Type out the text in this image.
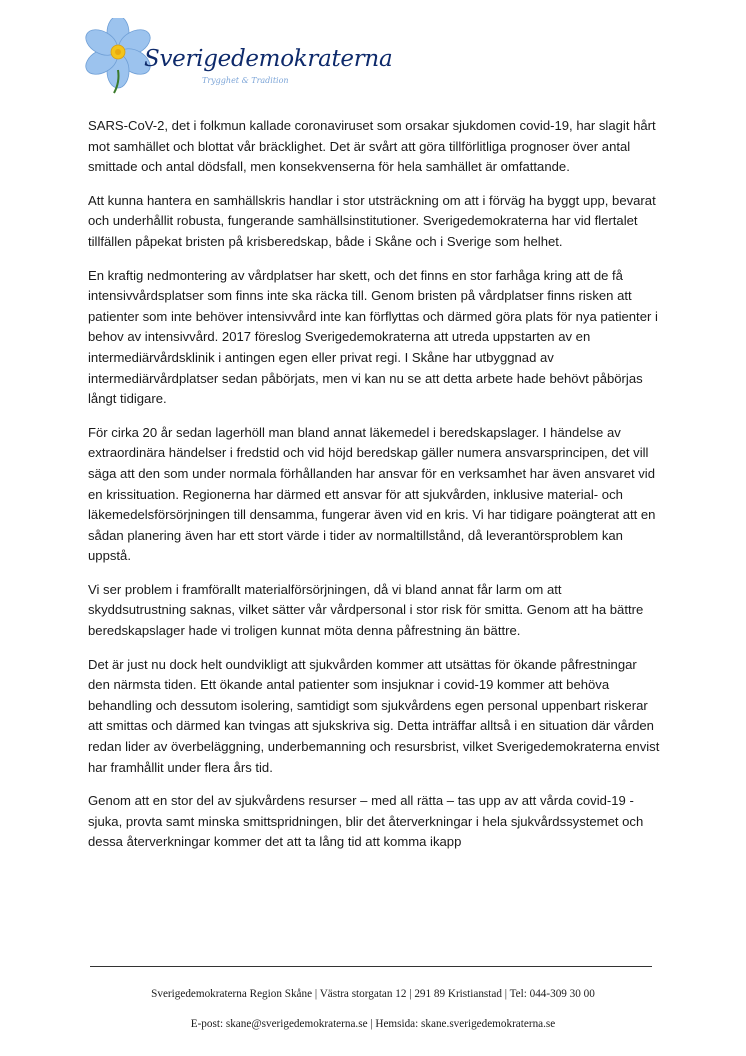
Sverigedemokraterna
Trygghet & Tradition

SARS-CoV-2, det i folkmun kallade coronaviruset som orsakar sjukdomen covid-19, har slagit hårt mot samhället och blottat vår bräcklighet. Det är svårt att göra tillförlitliga prognoser över antal smittade och antal dödsfall, men konsekvenserna för hela samhället är omfattande.

Att kunna hantera en samhällskris handlar i stor utsträckning om att i förväg ha byggt upp, bevarat och underhållit robusta, fungerande samhällsinstitutioner. Sverigedemokraterna har vid flertalet tillfällen påpekat bristen på krisberedskap, både i Skåne och i Sverige som helhet.

En kraftig nedmontering av vårdplatser har skett, och det finns en stor farhåga kring att de få intensivvårdsplatser som finns inte ska räcka till. Genom bristen på vårdplatser finns risken att patienter som inte behöver intensivvård inte kan förflyttas och därmed göra plats för nya patienter i behov av intensivvård. 2017 föreslog Sverigedemokraterna att utreda uppstarten av en intermediärvårdsklinik i antingen egen eller privat regi. I Skåne har utbyggnad av intermediärvårdplatser sedan påbörjats, men vi kan nu se att detta arbete hade behövt påbörjas långt tidigare.

För cirka 20 år sedan lagerhöll man bland annat läkemedel i beredskapslager. I händelse av extraordinära händelser i fredstid och vid höjd beredskap gäller numera ansvarsprincipen, det vill säga att den som under normala förhållanden har ansvar för en verksamhet har även ansvaret vid en krissituation. Regionerna har därmed ett ansvar för att sjukvården, inklusive material- och läkemedelsförsörjningen till densamma, fungerar även vid en kris. Vi har tidigare poängterat att en sådan planering även har ett stort värde i tider av normaltillstånd, då leverantörsproblem kan uppstå.

Vi ser problem i framförallt materialförsörjningen, då vi bland annat får larm om att skyddsutrustning saknas, vilket sätter vår vårdpersonal i stor risk för smitta. Genom att ha bättre beredskapslager hade vi troligen kunnat möta denna påfrestning än bättre.

Det är just nu dock helt oundvikligt att sjukvården kommer att utsättas för ökande påfrestningar den närmsta tiden. Ett ökande antal patienter som insjuknar i covid-19 kommer att behöva behandling och dessutom isolering, samtidigt som sjukvårdens egen personal uppenbart riskerar att smittas och därmed kan tvingas att sjukskriva sig. Detta inträffar alltså i en situation där vården redan lider av överbeläggning, underbemanning och resursbrist, vilket Sverigedemokraterna envist har framhållit under flera års tid.

Genom att en stor del av sjukvårdens resurser – med all rätta – tas upp av att vårda covid-19 - sjuka, provta samt minska smittspridningen, blir det återverkningar i hela sjukvårdssystemet och dessa återverkningar kommer det att ta lång tid att komma ikapp

Sverigedemokraterna Region Skåne | Västra storgatan 12 | 291 89 Kristianstad | Tel: 044-309 30 00
E-post: skane@sverigedemokraterna.se | Hemsida: skane.sverigedemokraterna.se
